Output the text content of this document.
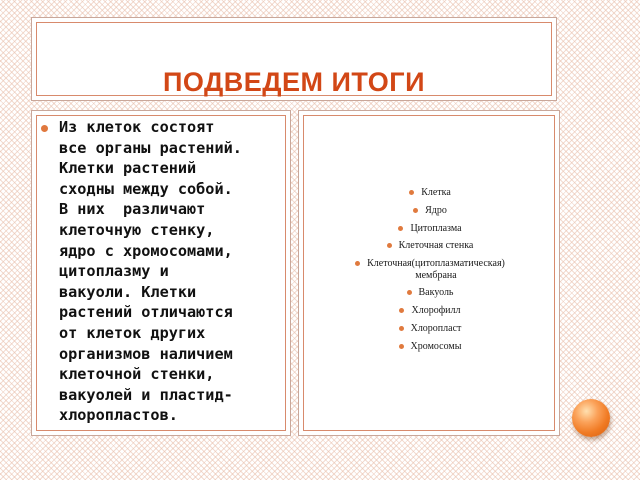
ПОДВЕДЕМ ИТОГИ

Из клеток состоят
все органы растений.
Клетки растений
сходны между собой.
В них  различают
клеточную стенку,
ядро с хромосомами,
цитоплазму и
вакуоли. Клетки
растений отличаются
от клеток других
организмов наличием
клеточной стенки,
вакуолей и пластид-
хлоропластов.

Клетка
Ядро
Цитоплазма
Клеточная стенка
Клеточная(цитоплазматическая)
мембрана
Вакуоль
Хлорофилл
Хлоропласт
Хромосомы
